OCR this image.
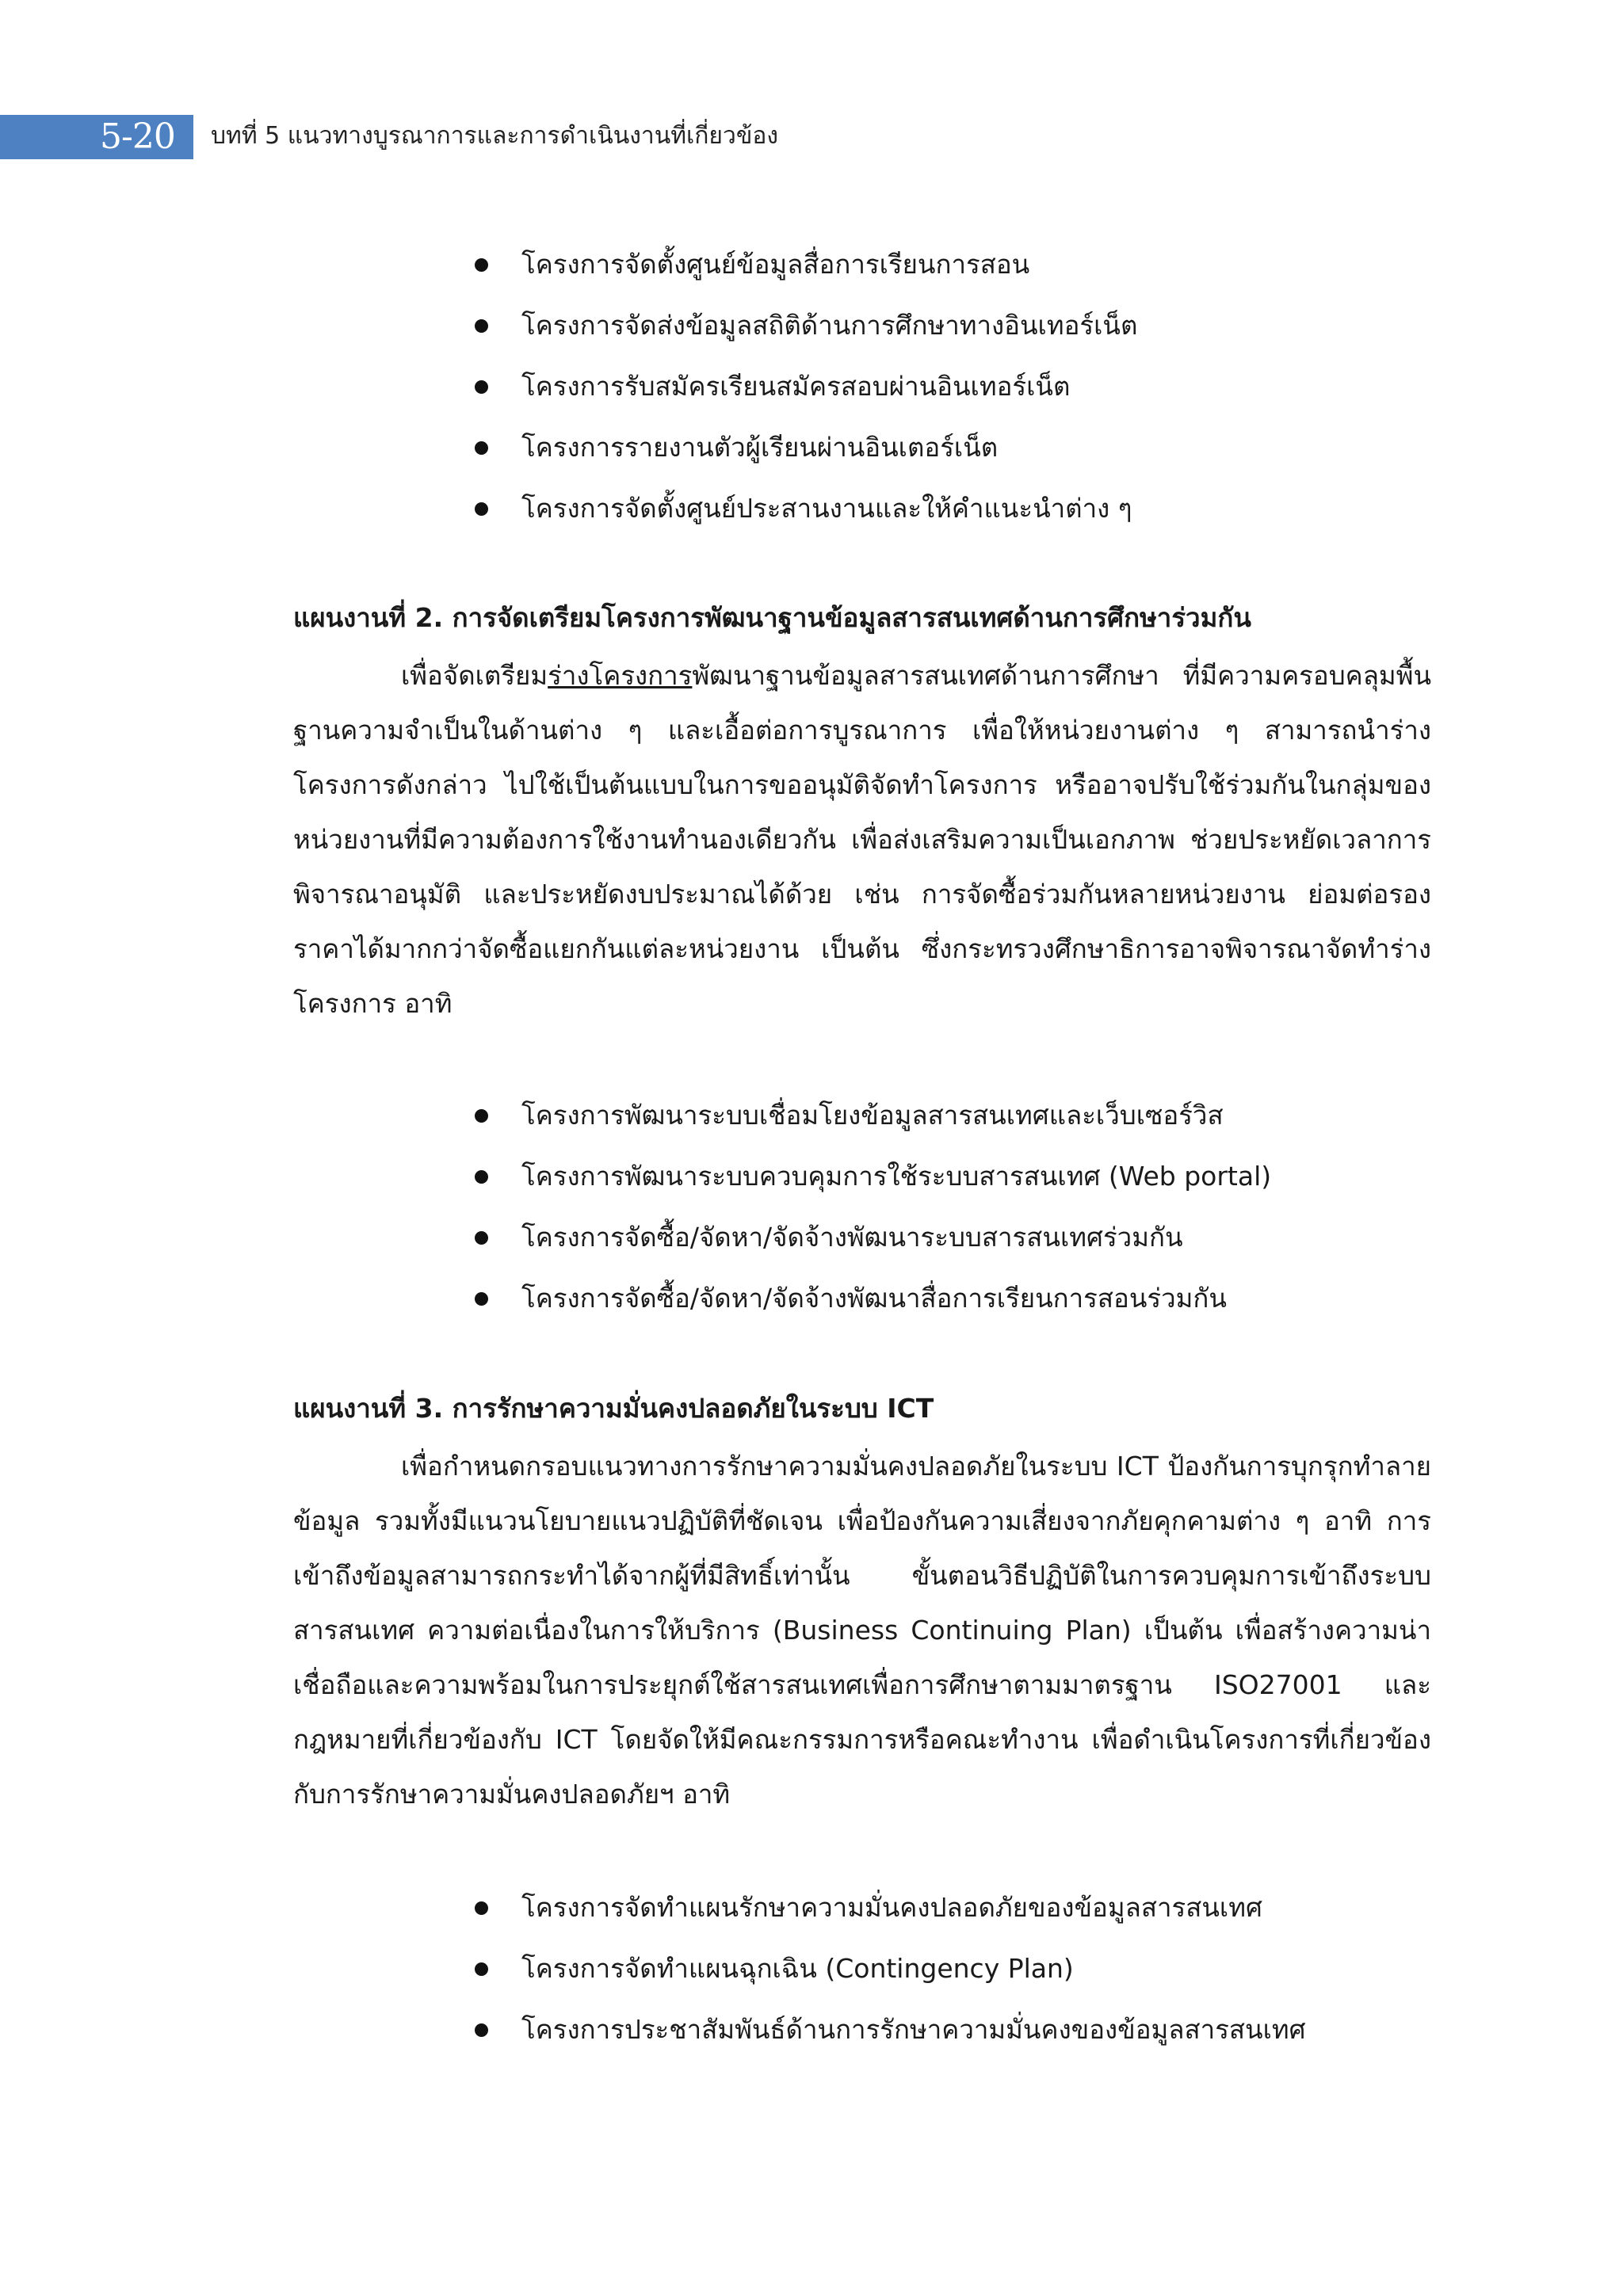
5-20 บทที่ 5 แนวทางบูรณาการและการดำเนินงานที่เกี่ยวข้อง
โครงการจัดตั้งศูนย์ข้อมูลสื่อการเรียนการสอน
โครงการจัดส่งข้อมูลสถิติด้านการศึกษาทางอินเทอร์เน็ต
โครงการรับสมัครเรียนสมัครสอบผ่านอินเทอร์เน็ต
โครงการรายงานตัวผู้เรียนผ่านอินเตอร์เน็ต
โครงการจัดตั้งศูนย์ประสานงานและให้คำแนะนำต่าง ๆ
แผนงานที่ 2. การจัดเตรียมโครงการพัฒนาฐานข้อมูลสารสนเทศด้านการศึกษาร่วมกัน

เพื่อจัดเตรียมร่างโครงการพัฒนาฐานข้อมูลสารสนเทศด้านการศึกษา ที่มีความครอบคลุมพื้นฐานความจำเป็นในด้านต่าง ๆ และเอื้อต่อการบูรณาการ เพื่อให้หน่วยงานต่าง ๆ สามารถนำร่างโครงการดังกล่าว ไปใช้เป็นต้นแบบในการขออนุมัติจัดทำโครงการ หรืออาจปรับใช้ร่วมกันในกลุ่มของหน่วยงานที่มีความต้องการใช้งานทำนองเดียวกัน เพื่อส่งเสริมความเป็นเอกภาพ ช่วยประหยัดเวลาการพิจารณาอนุมัติ และประหยัดงบประมาณได้ด้วย เช่น การจัดซื้อร่วมกันหลายหน่วยงาน ย่อมต่อรองราคาได้มากกว่าจัดซื้อแยกกันแต่ละหน่วยงาน เป็นต้น ซึ่งกระทรวงศึกษาธิการอาจพิจารณาจัดทำร่างโครงการ อาทิ

โครงการพัฒนาระบบเชื่อมโยงข้อมูลสารสนเทศและเว็บเซอร์วิส
โครงการพัฒนาระบบควบคุมการใช้ระบบสารสนเทศ (Web portal)
โครงการจัดซื้อ/จัดหา/จัดจ้างพัฒนาระบบสารสนเทศร่วมกัน
โครงการจัดซื้อ/จัดหา/จัดจ้างพัฒนาสื่อการเรียนการสอนร่วมกัน
แผนงานที่ 3. การรักษาความมั่นคงปลอดภัยในระบบ ICT

เพื่อกำหนดกรอบแนวทางการรักษาความมั่นคงปลอดภัยในระบบ ICT ป้องกันการบุกรุกทำลายข้อมูล รวมทั้งมีแนวนโยบายแนวปฏิบัติที่ชัดเจน เพื่อป้องกันความเสี่ยงจากภัยคุกคามต่าง ๆ อาทิ การเข้าถึงข้อมูลสามารถกระทำได้จากผู้ที่มีสิทธิ์เท่านั้น ขั้นตอนวิธีปฏิบัติในการควบคุมการเข้าถึงระบบสารสนเทศ ความต่อเนื่องในการให้บริการ (Business Continuing Plan) เป็นต้น เพื่อสร้างความน่าเชื่อถือและความพร้อมในการประยุกต์ใช้สารสนเทศเพื่อการศึกษาตามมาตรฐาน ISO27001 และกฎหมายที่เกี่ยวข้องกับ ICT โดยจัดให้มีคณะกรรมการหรือคณะทำงาน เพื่อดำเนินโครงการที่เกี่ยวข้องกับการรักษาความมั่นคงปลอดภัยฯ อาทิ

โครงการจัดทำแผนรักษาความมั่นคงปลอดภัยของข้อมูลสารสนเทศ
โครงการจัดทำแผนฉุกเฉิน (Contingency Plan)
โครงการประชาสัมพันธ์ด้านการรักษาความมั่นคงของข้อมูลสารสนเทศ
